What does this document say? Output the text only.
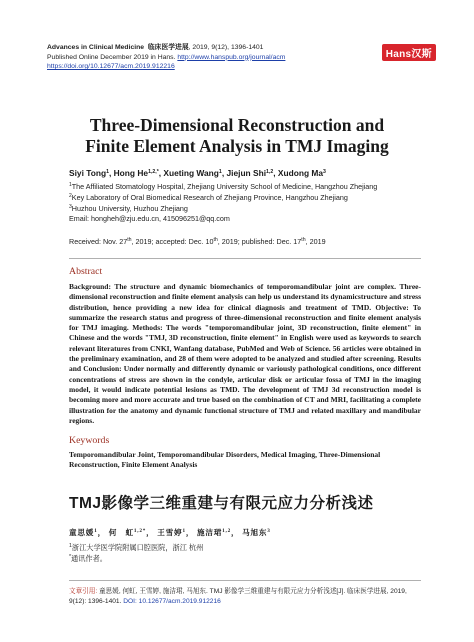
Advances in Clinical Medicine 临床医学进展, 2019, 9(12), 1396-1401
Published Online December 2019 in Hans. http://www.hanspub.org/journal/acm
https://doi.org/10.12677/acm.2019.912216
Hans汉斯
Three-Dimensional Reconstruction and
Finite Element Analysis in TMJ Imaging
Siyi Tong$^1$, Hong $He^{1,2,*}$, Xueting Wang$^1$, Jiejun Shi$^{1,2}$, Xudong Ma$^3$
$^1$The Affiliated Stomatology Hospital, Zhejiang University School of Medicine, Hangzhou Zhejiang
$^2$Key Laboratory of Oral Biomedical Research of Zhejiang Province, Hangzhou Zhejiang
$^3$Huzhou University, Huzhou Zhejiang
Email: hongheh@zju.edu.cn, 415096251@qq.com
Received: Nov. 27th, 2019; accepted: Dec. 10th, 2019; published: Dec. 17th, 2019
Abstract
Background: The structure and dynamic biomechanics of temporomandibular joint are complex. Three-dimensional reconstruction and finite element analysis can help us understand its dynamicstructure and stress distribution, hence providing a new idea for clinical diagnosis and treatment of TMD. Objective: To summarize the research status and progress of three-dimensional reconstruction and finite element analysis for TMJ imaging. Methods: The words "temporomandibular joint, 3D reconstruction, finite element" in Chinese and the words "TMJ, 3D reconstruction, finite element" in English were used as keywords to search relevant literatures from CNKI, Wanfang database, PubMed and Web of Science. 56 articles were obtained in the preliminary examination, and 28 of them were adopted to be analyzed and studied after screening. Results and Conclusion: Under normally and differently dynamic or variously pathological conditions, once different concentrations of stress are shown in the condyle, articular disk or articular fossa of TMJ in the imaging model, it would indicate potential lesions as TMD. The development of TMJ 3d reconstruction model is becoming more and more accurate and true based on the combination of CT and MRI, facilitating a complete illustration for the anatomy and dynamic functional structure of TMJ and related maxillary and mandibular regions.
Keywords
Temporomandibular Joint, Temporomandibular Disorders, Medical Imaging, Three-Dimensional Reconstruction, Finite Element Analysis
TMJ影像学三维重建与有限元应力分析浅述
童思媛$^1$， 何　虹$^{1,2*}$， 王雪婷$^1$， 施洁珺$^{1,2}$， 马旭东$^3$
$^1$浙江大学医学院附属口腔医院，浙江 杭州
*通讯作者。
文章引用: 童思媛, 何虹, 王雪婷, 施洁珺, 马旭东. TMJ 影像学三维重建与有限元应力分析浅述[J]. 临床医学进展, 2019, 9(12): 1396-1401. DOI: 10.12677/acm.2019.912216
